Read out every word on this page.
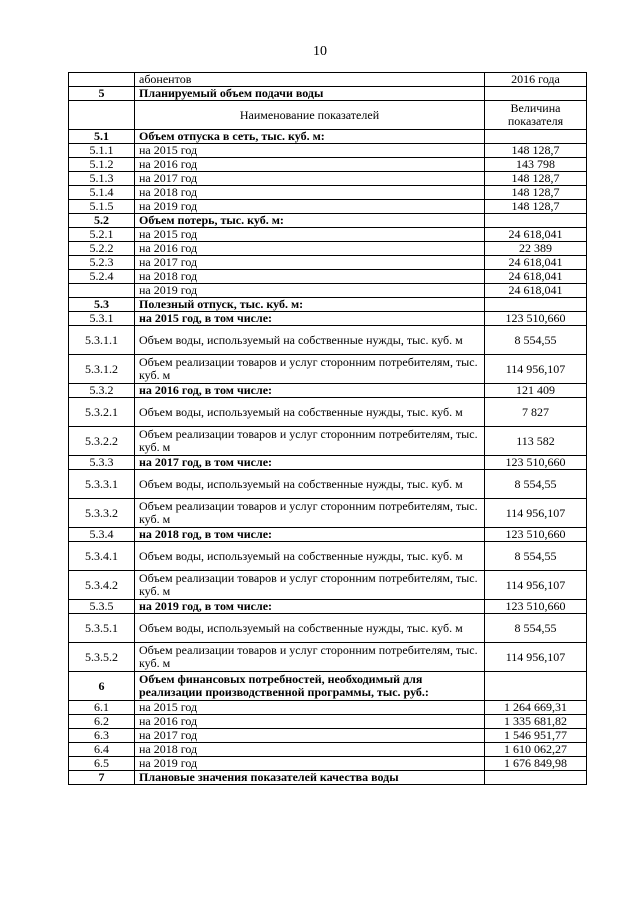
10
	абонентов	2016 года
5	Планируемый объем подачи воды	
	Наименование показателей	Величина показателя
5.1	Объем отпуска в сеть, тыс. куб. м:	
5.1.1	на 2015 год	148 128,7
5.1.2	на 2016 год	143 798
5.1.3	на 2017 год	148 128,7
5.1.4	на 2018 год	148 128,7
5.1.5	на 2019 год	148 128,7
5.2	Объем потерь, тыс. куб. м:	
5.2.1	на 2015 год	24 618,041
5.2.2	на 2016 год	22 389
5.2.3	на 2017 год	24 618,041
5.2.4	на 2018 год	24 618,041
	на 2019 год	24 618,041
5.3	Полезный отпуск, тыс. куб. м:	
5.3.1	на 2015 год, в том числе:	123 510,660
5.3.1.1	Объем воды, используемый на собственные нужды, тыс. куб. м	8 554,55
5.3.1.2	Объем реализации товаров и услуг сторонним потребителям, тыс. куб. м	114 956,107
5.3.2	на 2016 год, в том числе:	121 409
5.3.2.1	Объем воды, используемый на собственные нужды, тыс. куб. м	7 827
5.3.2.2	Объем реализации товаров и услуг сторонним потребителям, тыс. куб. м	113 582
5.3.3	на 2017 год, в том числе:	123 510,660
5.3.3.1	Объем воды, используемый на собственные нужды, тыс. куб. м	8 554,55
5.3.3.2	Объем реализации товаров и услуг сторонним потребителям, тыс. куб. м	114 956,107
5.3.4	на 2018 год, в том числе:	123 510,660
5.3.4.1	Объем воды, используемый на собственные нужды, тыс. куб. м	8 554,55
5.3.4.2	Объем реализации товаров и услуг сторонним потребителям, тыс. куб. м	114 956,107
5.3.5	на 2019 год, в том числе:	123 510,660
5.3.5.1	Объем воды, используемый на собственные нужды, тыс. куб. м	8 554,55
5.3.5.2	Объем реализации товаров и услуг сторонним потребителям, тыс. куб. м	114 956,107
6	Объем финансовых потребностей, необходимый для реализации производственной программы, тыс. руб.:	
6.1	на 2015 год	1 264 669,31
6.2	на 2016 год	1 335 681,82
6.3	на 2017 год	1 546 951,77
6.4	на 2018 год	1 610 062,27
6.5	на 2019 год	1 676 849,98
7	Плановые значения показателей качества воды	
